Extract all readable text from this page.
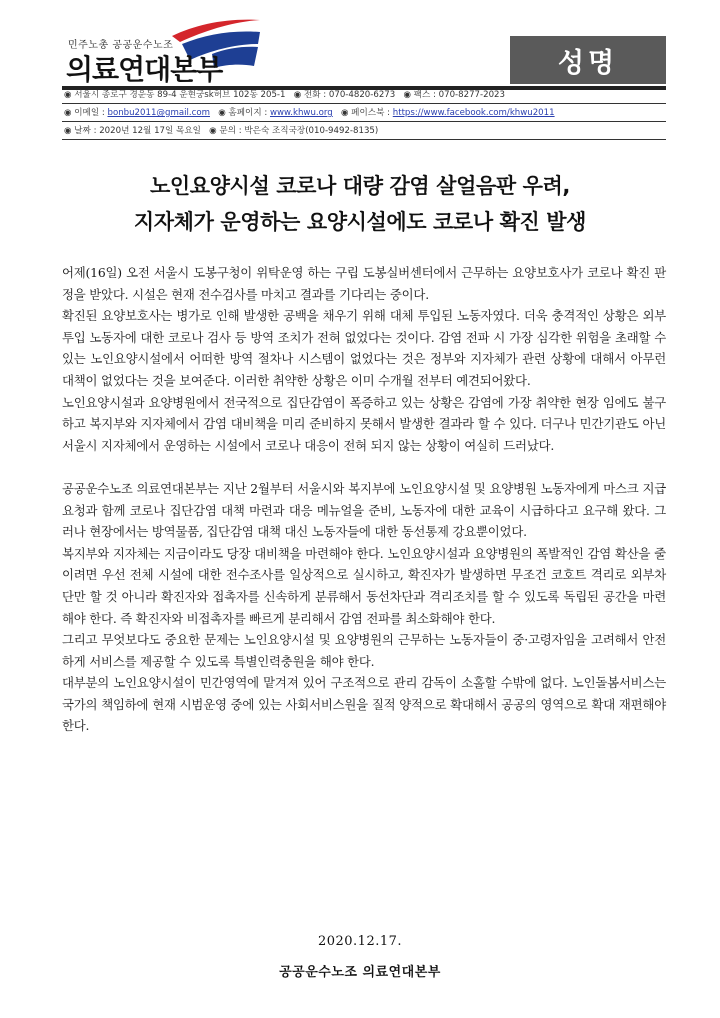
민주노총 공공운수노조
의료연대본부	성명
◉ 서울시 종로구 경운동 89-4 운현궁sk허브 102동 205-1 ◉ 전화 : 070-4820-6273 ◉ 팩스 : 070-8277-2023
◉ 이메일 : bonbu2011@gmail.com ◉ 홈페이지 : www.khwu.org ◉ 페이스북 : https://www.facebook.com/khwu2011
◉ 날짜 : 2020년 12월 17일 목요일 ◉ 문의 : 박은숙 조직국장(010-9492-8135)
노인요양시설 코로나 대량 감염 살얼음판 우려,
지자체가 운영하는 요양시설에도 코로나 확진 발생

어제(16일) 오전 서울시 도봉구청이 위탁운영 하는 구립 도봉실버센터에서 근무하는 요양보호사가 코로나 확진 판정을 받았다. 시설은 현재 전수검사를 마치고 결과를 기다리는 중이다.

확진된 요양보호사는 병가로 인해 발생한 공백을 채우기 위해 대체 투입된 노동자였다. 더욱 충격적인 상황은 외부 투입 노동자에 대한 코로나 검사 등 방역 조치가 전혀 없었다는 것이다. 감염 전파 시 가장 심각한 위험을 초래할 수 있는 노인요양시설에서 어떠한 방역 절차나 시스템이 없었다는 것은 정부와 지자체가 관련 상황에 대해서 아무런 대책이 없었다는 것을 보여준다. 이러한 취약한 상황은 이미 수개월 전부터 예견되어왔다.

노인요양시설과 요양병원에서 전국적으로 집단감염이 폭증하고 있는 상황은 감염에 가장 취약한 현장 임에도 불구하고 복지부와 지자체에서 감염 대비책을 미리 준비하지 못해서 발생한 결과라 할 수 있다. 더구나 민간기관도 아닌 서울시 지자체에서 운영하는 시설에서 코로나 대응이 전혀 되지 않는 상황이 여실히 드러났다.

공공운수노조 의료연대본부는 지난 2월부터 서울시와 복지부에 노인요양시설 및 요양병원 노동자에게 마스크 지급 요청과 함께 코로나 집단감염 대책 마련과 대응 메뉴얼을 준비, 노동자에 대한 교육이 시급하다고 요구해 왔다. 그러나 현장에서는 방역물품, 집단감염 대책 대신 노동자들에 대한 동선통제 강요뿐이었다.

복지부와 지자체는 지금이라도 당장 대비책을 마련해야 한다. 노인요양시설과 요양병원의 폭발적인 감염 확산을 줄이려면 우선 전체 시설에 대한 전수조사를 일상적으로 실시하고, 확진자가 발생하면 무조건 코호트 격리로 외부차단만 할 것 아니라 확진자와 접촉자를 신속하게 분류해서 동선차단과 격리조치를 할 수 있도록 독립된 공간을 마련해야 한다. 즉 확진자와 비접촉자를 빠르게 분리해서 감염 전파를 최소화해야 한다.

그리고 무엇보다도 중요한 문제는 노인요양시설 및 요양병원의 근무하는 노동자들이 중·고령자임을 고려해서 안전하게 서비스를 제공할 수 있도록 특별인력충원을 해야 한다.

대부분의 노인요양시설이 민간영역에 맡겨져 있어 구조적으로 관리 감독이 소홀할 수밖에 없다. 노인돌봄서비스는 국가의 책임하에 현재 시범운영 중에 있는 사회서비스원을 질적 양적으로 확대해서 공공의 영역으로 확대 재편해야 한다.

2020.12.17.
공공운수노조 의료연대본부
